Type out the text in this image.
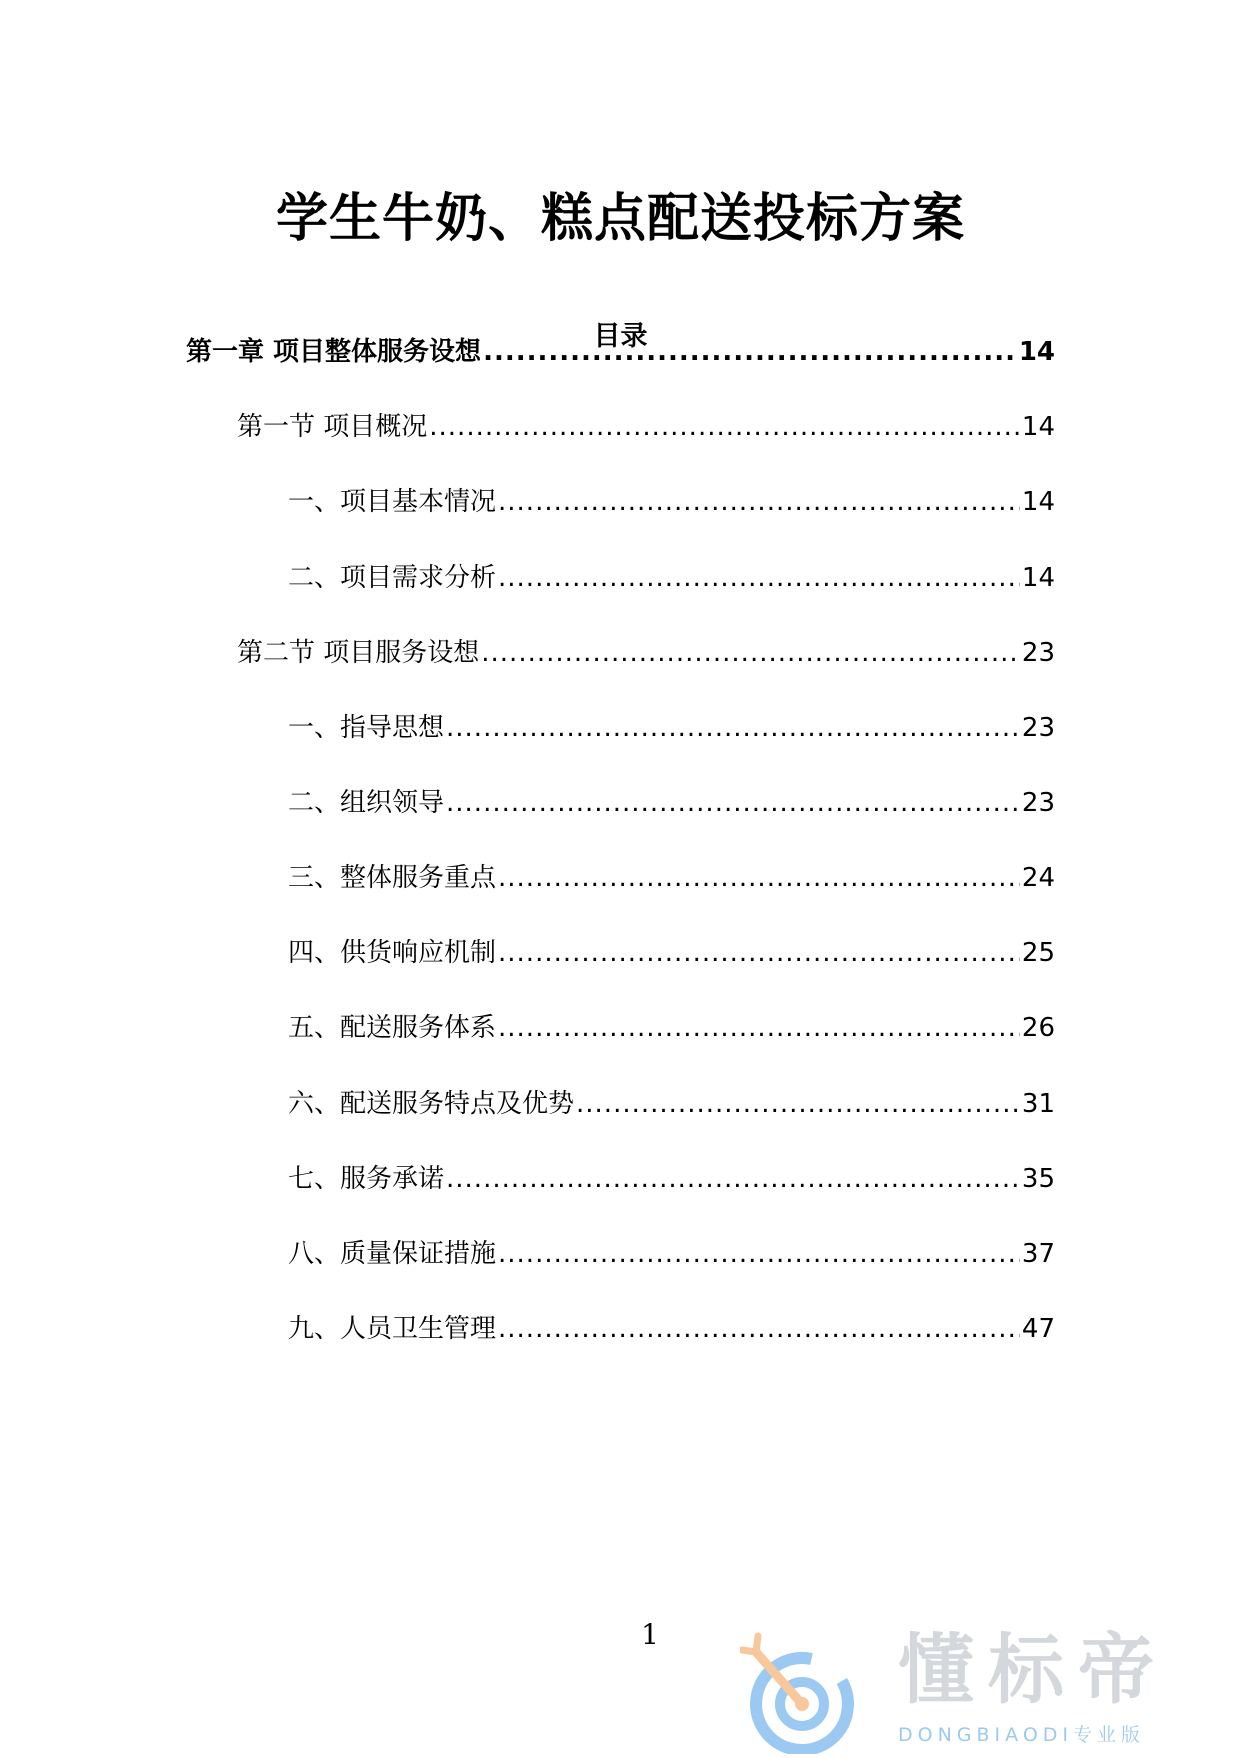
学生牛奶、糕点配送投标方案
目录
第一章 项目整体服务设想 .....	14
第一节 项目概况 .....	14
一、项目基本情况 .....	14
二、项目需求分析 .....	14
第二节 项目服务设想 .....	23
一、指导思想 .....	23
二、组织领导 .....	23
三、整体服务重点 .....	24
四、供货响应机制 .....	25
五、配送服务体系 .....	26
六、配送服务特点及优势 .....	31
七、服务承诺 .....	35
八、质量保证措施 .....	37
九、人员卫生管理 .....	47
1	懂标帝
DONGBIAODI专业版
